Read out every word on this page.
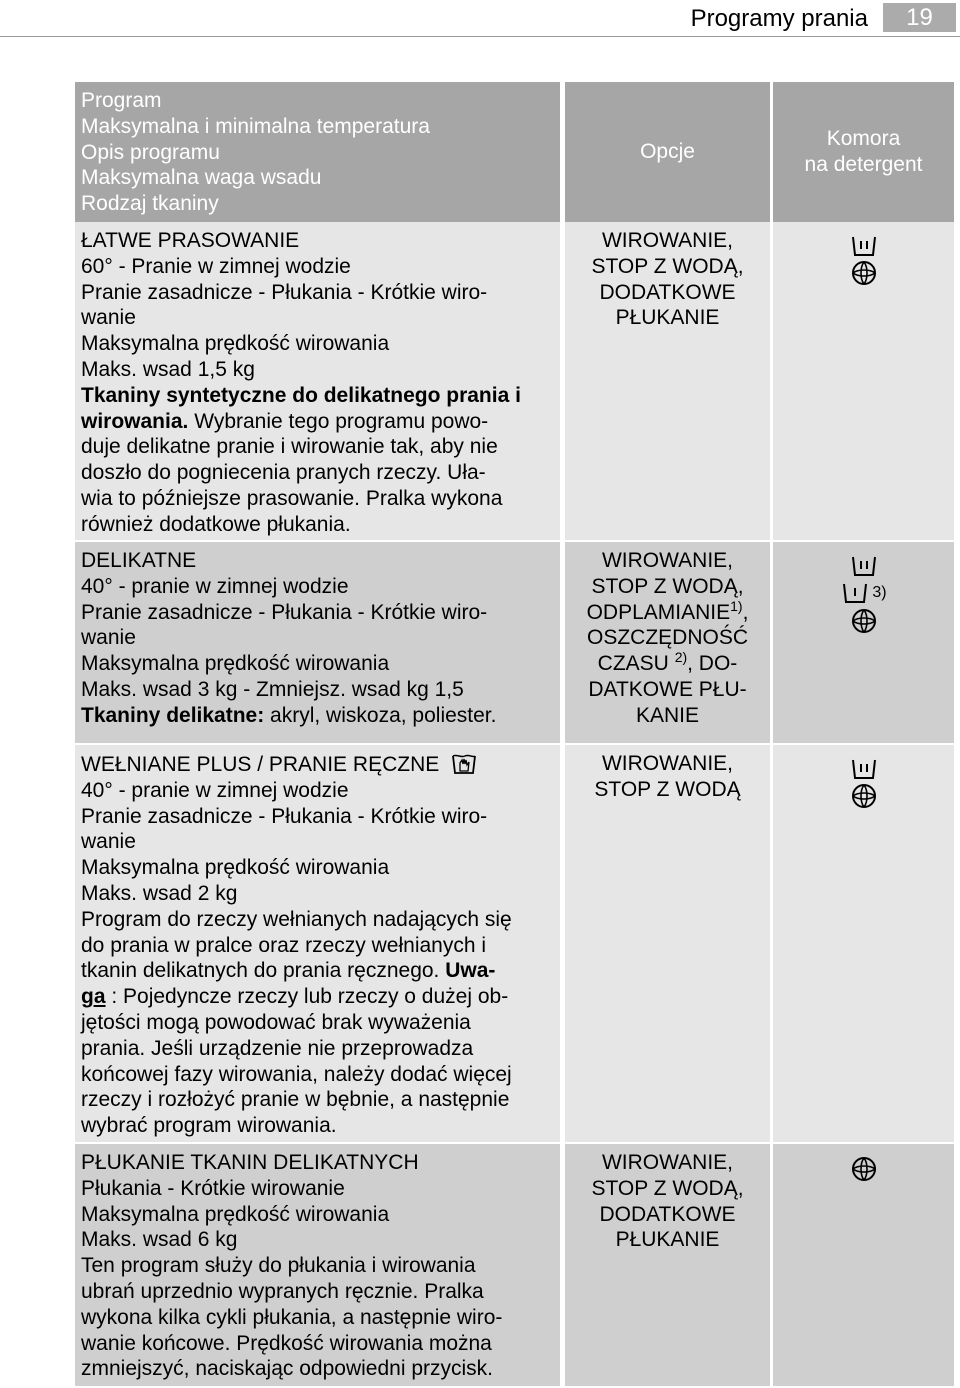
Programy prania	19
Program
Maksymalna i minimalna temperatura
Opis programu
Maksymalna waga wsadu
Rodzaj tkaniny
Opcje
Komora
na detergent
ŁATWE PRASOWANIE
60° - Pranie w zimnej wodzie
Pranie zasadnicze - Płukania - Krótkie wiro-
wanie
Maksymalna prędkość wirowania
Maks. wsad 1,5 kg
Tkaniny syntetyczne do delikatnego prania i
wirowania. Wybranie tego programu powo-
duje delikatne pranie i wirowanie tak, aby nie
doszło do pogniecenia pranych rzeczy. Uła-
wia to późniejsze prasowanie. Pralka wykona
również dodatkowe płukania.
WIROWANIE,
STOP Z WODĄ,
DODATKOWE
PŁUKANIE
DELIKATNE
40° - pranie w zimnej wodzie
Pranie zasadnicze - Płukania - Krótkie wiro-
wanie
Maksymalna prędkość wirowania
Maks. wsad 3 kg - Zmniejsz. wsad kg 1,5
Tkaniny delikatne: akryl, wiskoza, poliester.
WIROWANIE,
STOP Z WODĄ,
ODPLAMIANIE$^{1)}$,
OSZCZĘDNOŚĆ
CZASU $^{2)}$, DO-
DATKOWE PŁU-
KANIE
3)
WEŁNIANE PLUS / PRANIE RĘCZNE
40° - pranie w zimnej wodzie
Pranie zasadnicze - Płukania - Krótkie wiro-
wanie
Maksymalna prędkość wirowania
Maks. wsad 2 kg
Program do rzeczy wełnianych nadających się
do prania w pralce oraz rzeczy wełnianych i
tkanin delikatnych do prania ręcznego. Uwa-
ga : Pojedyncze rzeczy lub rzeczy o dużej ob-
jętości mogą powodować brak wyważenia
prania. Jeśli urządzenie nie przeprowadza
końcowej fazy wirowania, należy dodać więcej
rzeczy i rozłożyć pranie w bębnie, a następnie
wybrać program wirowania.
WIROWANIE,
STOP Z WODĄ
PŁUKANIE TKANIN DELIKATNYCH
Płukania - Krótkie wirowanie
Maksymalna prędkość wirowania
Maks. wsad 6 kg
Ten program służy do płukania i wirowania
ubrań uprzednio wypranych ręcznie. Pralka
wykona kilka cykli płukania, a następnie wiro-
wanie końcowe. Prędkość wirowania można
zmniejszyć, naciskając odpowiedni przycisk.
WIROWANIE,
STOP Z WODĄ,
DODATKOWE
PŁUKANIE
